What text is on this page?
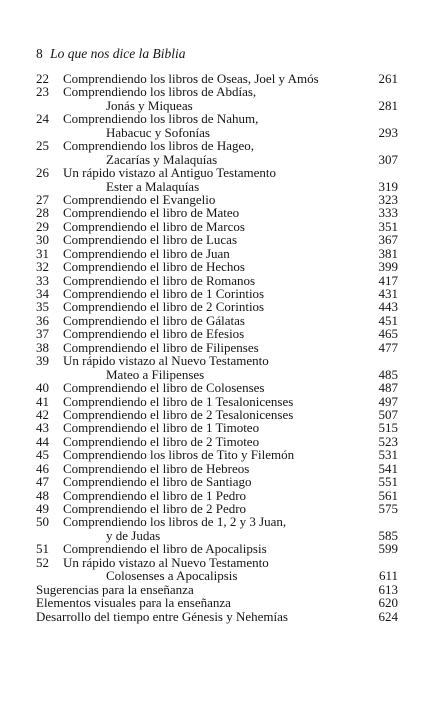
8 Lo que nos dice la Biblia
22	Comprendiendo los libros de Oseas, Joel y Amós	261
23	Comprendiendo los libros de Abdías,
Jonás y Miqueas	281
24	Comprendiendo los libros de Nahum,
Habacuc y Sofonías	293
25	Comprendiendo los libros de Hageo,
Zacarías y Malaquías	307
26	Un rápido vistazo al Antiguo Testamento
Ester a Malaquías	319
27	Comprendiendo el Evangelio	323
28	Comprendiendo el libro de Mateo	333
29	Comprendiendo el libro de Marcos	351
30	Comprendiendo el libro de Lucas	367
31	Comprendiendo el libro de Juan	381
32	Comprendiendo el libro de Hechos	399
33	Comprendiendo el libro de Romanos	417
34	Comprendiendo el libro de 1 Corintios	431
35	Comprendiendo el libro de 2 Corintios	443
36	Comprendiendo el libro de Gálatas	451
37	Comprendiendo el libro de Efesios	465
38	Comprendiendo el libro de Filipenses	477
39	Un rápido vistazo al Nuevo Testamento
Mateo a Filipenses	485
40	Comprendiendo el libro de Colosenses	487
41	Comprendiendo el libro de 1 Tesalonicenses	497
42	Comprendiendo el libro de 2 Tesalonicenses	507
43	Comprendiendo el libro de 1 Timoteo	515
44	Comprendiendo el libro de 2 Timoteo	523
45	Comprendiendo los libros de Tito y Filemón	531
46	Comprendiendo el libro de Hebreos	541
47	Comprendiendo el libro de Santiago	551
48	Comprendiendo el libro de 1 Pedro	561
49	Comprendiendo el libro de 2 Pedro	575
50	Comprendiendo los libros de 1, 2 y 3 Juan,
y de Judas	585
51	Comprendiendo el libro de Apocalipsis	599
52	Un rápido vistazo al Nuevo Testamento
Colosenses a Apocalipsis	611
Sugerencias para la enseñanza	613
Elementos visuales para la enseñanza	620
Desarrollo del tiempo entre Génesis y Nehemías	624
